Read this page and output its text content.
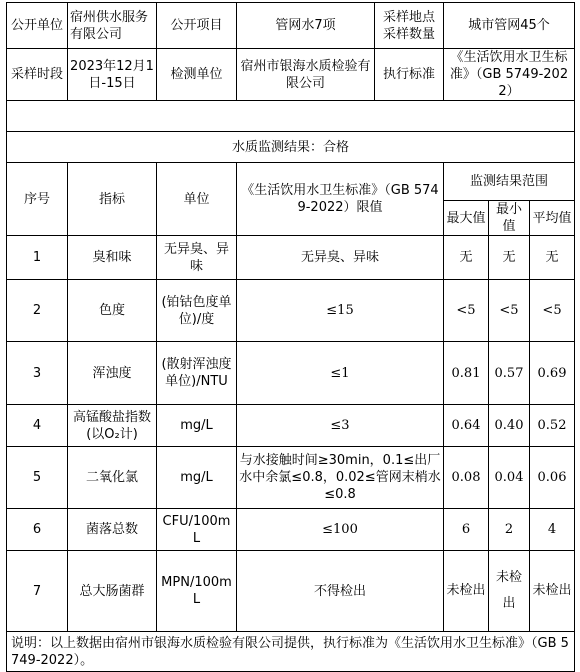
公开单位	宿州供水服务有限公司	公开项目	管网水7项	采样地点采样数量	城市管网45个		
采样时段	2023年12月1日-15日	检测单位	宿州市银海水质检验有限公司	执行标准	《生活饮用水卫生标准》（GB 5749-2022）		

水质监测结果：合格							
序号	指标	单位	《生活饮用水卫生标准》（GB 5749-2022）限值		监测结果范围		
					最大值	最小值	平均值
1	臭和味	无异臭、异味	无异臭、异味		无	无	无
2	色度	(铂钴色度单位)/度	≤15		<5	<5	<5
3	浑浊度	(散射浑浊度单位)/NTU	≤1		0.81	0.57	0.69
4	高锰酸盐指数(以O₂计)	mg/L	≤3		0.64	0.40	0.52
5	二氧化氯	mg/L	与水接触时间≥30min，0.1≤出厂水中余氯≤0.8，0.02≤管网末梢水≤0.8		0.08	0.04	0.06
6	菌落总数	CFU/100mL	≤100		6	2	4
7	总大肠菌群	MPN/100mL	不得检出		未检出	未检出	未检出
说明：以上数据由宿州市银海水质检验有限公司提供，执行标准为《生活饮用水卫生标准》（GB 5749-2022）。							
